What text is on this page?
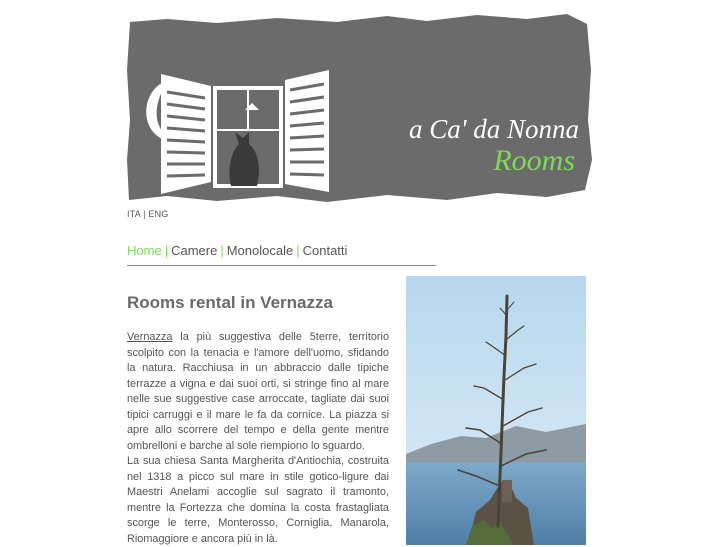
a Ca' da Nonna
Rooms
ITA | ENG
Home | Camere | Monolocale | Contatti
Rooms rental in Vernazza

Vernazza la più suggestiva delle 5terre, territorio scolpito con la tenacia e l'amore dell'uomo, sfidando la natura. Racchiusa in un abbraccio dalle tipiche terrazze a vigna e dai suoi orti, si stringe fino al mare nelle sue suggestive case arroccate, tagliate dai suoi tipici carruggi e il mare le fa da cornice. La piazza si apre allo scorrere del tempo e della gente mentre ombrelloni e barche al sole riempiono lo sguardo.

La sua chiesa Santa Margherita d'Antiochia, costruita nel 1318 a picco sul mare in stile gotico-ligure dai Maestri Anelami accoglie sul sagrato il tramonto, mentre la Fortezza che domina la costa frastagliata scorge le terre, Monterosso, Corniglia, Manarola, Riomaggiore e ancora più in là.
